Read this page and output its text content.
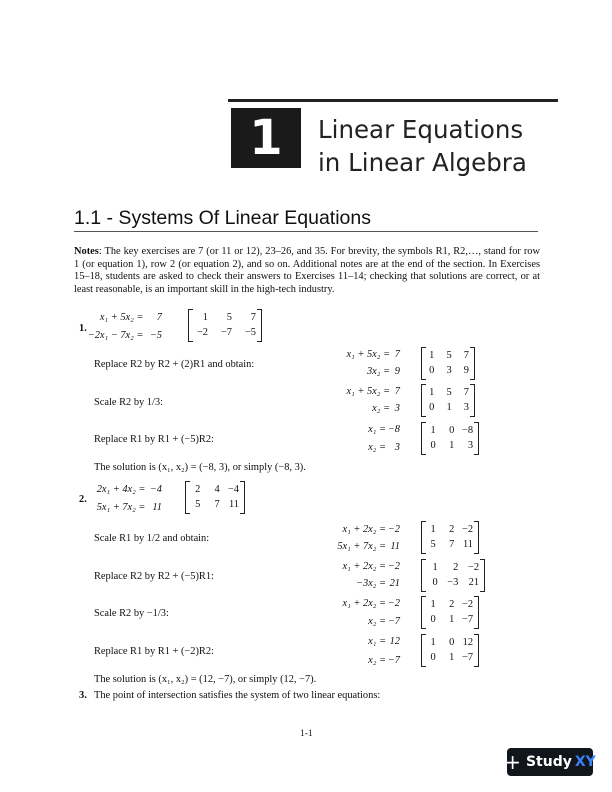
1	Linear Equations
in Linear Algebra
1.1 - Systems Of Linear Equations
Notes: The key exercises are 7 (or 11 or 12), 23–26, and 35. For brevity, the symbols R1, R2,…, stand for row 1 (or equation 1), row 2 (or equation 2), and so on. Additional notes are at the end of the section. In Exercises 15–18, students are asked to check their answers to Exercises 11–14; checking that solutions are correct, or at least reasonable, is an important skill in the high-tech industry.
1.
x₁ + 5x₂ = 7
−2x₁ − 7x₂ = −5
1	5	7
−2	−7	−5
Replace R2 by R2 + (2)R1 and obtain:
x₁ + 5x₂ = 7
3x₂ = 9
1	5	7
0	3	9
Scale R2 by 1/3:
x₁ + 5x₂ = 7
x₂ = 3
1	5	7
0	1	3
Replace R1 by R1 + (−5)R2:
x₁ = −8
x₂ = 3
1	0 −8
0	1	3
The solution is (x₁, x₂) = (−8, 3), or simply (−8, 3).
2.
2x₁ + 4x₂ = −4
5x₁ + 7x₂ = 11
2	4 −4
5	7 11
Scale R1 by 1/2 and obtain:
x₁ + 2x₂ = −2
5x₁ + 7x₂ = 11
1	2 −2
5	7 11
Replace R2 by R2 + (−5)R1:
x₁ + 2x₂ = −2
−3x₂ = 21
1	2 −2
0 −3 21
Scale R2 by −1/3:
x₁ + 2x₂ = −2
x₂ = −7
1	2 −2
0	1 −7
Replace R1 by R1 + (−2)R2:
x₁ = 12
x₂ = −7
1	0 12
0	1 −7
The solution is (x₁, x₂) = (12, −7), or simply (12, −7).
3. The point of intersection satisfies the system of two linear equations:
1-1
+ Study XY
